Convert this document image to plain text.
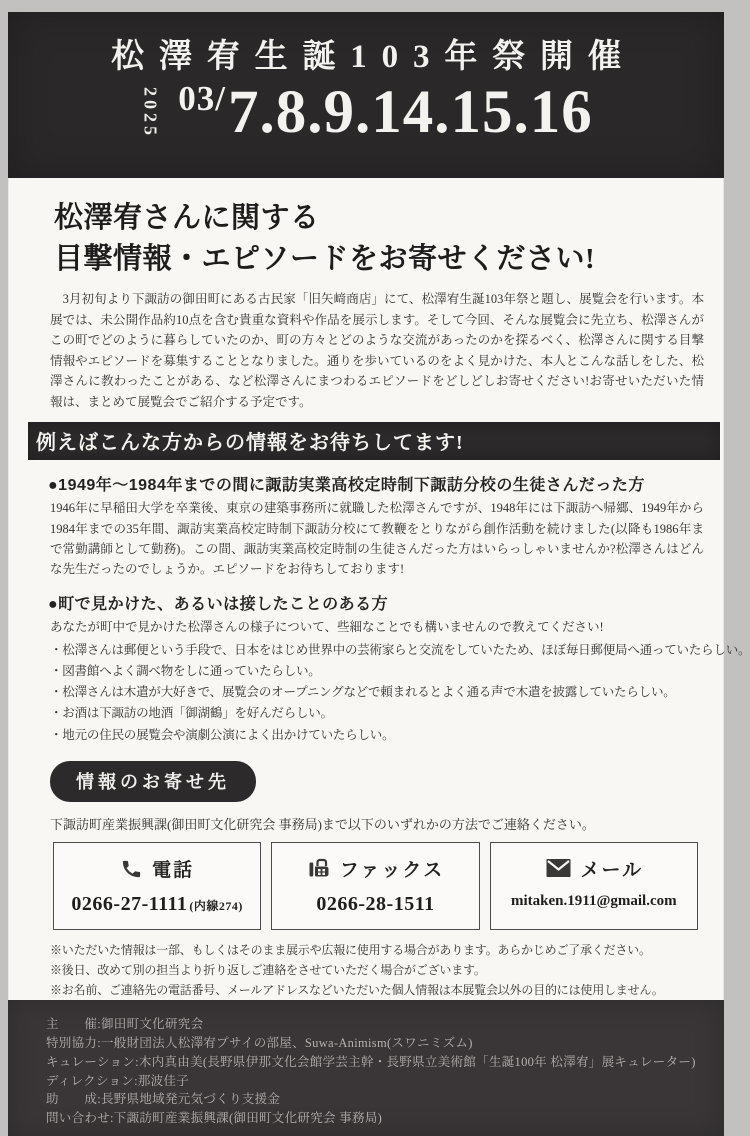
松澤宥生誕103年祭開催
2025 03/ 7.8.9.14.15.16
松澤宥さんに関する
目撃情報・エピソードをお寄せください!

　3月初旬より下諏訪の御田町にある古民家「旧矢﨑商店」にて、松澤宥生誕103年祭と題し、展覧会を行います。本展では、未公開作品約10点を含む貴重な資料や作品を展示します。そして今回、そんな展覧会に先立ち、松澤さんがこの町でどのように暮らしていたのか、町の方々とどのような交流があったのかを探るべく、松澤さんに関する目撃情報やエピソードを募集することとなりました。通りを歩いているのをよく見かけた、本人とこんな話しをした、松澤さんに教わったことがある、など松澤さんにまつわるエピソードをどしどしお寄せください!お寄せいただいた情報は、まとめて展覧会でご紹介する予定です。

例えばこんな方からの情報をお待ちしてます!
●1949年〜1984年までの間に諏訪実業高校定時制下諏訪分校の生徒さんだった方

1946年に早稲田大学を卒業後、東京の建築事務所に就職した松澤さんですが、1948年には下諏訪へ帰郷、1949年から1984年までの35年間、諏訪実業高校定時制下諏訪分校にて教鞭をとりながら創作活動を続けました(以降も1986年まで常勤講師として勤務)。この間、諏訪実業高校定時制の生徒さんだった方はいらっしゃいませんか?松澤さんはどんな先生だったのでしょうか。エピソードをお待ちしております!

●町で見かけた、あるいは接したことのある方

あなたが町中で見かけた松澤さんの様子について、些細なことでも構いませんので教えてください!

・松澤さんは郵便という手段で、日本をはじめ世界中の芸術家らと交流をしていたため、ほぼ毎日郵便局へ通っていたらしい。
・図書館へよく調べ物をしに通っていたらしい。
・松澤さんは木遣が大好きで、展覧会のオープニングなどで頼まれるとよく通る声で木遣を披露していたらしい。
・お酒は下諏訪の地酒「御湖鶴」を好んだらしい。
・地元の住民の展覧会や演劇公演によく出かけていたらしい。
情報のお寄せ先
下諏訪町産業振興課(御田町文化研究会 事務局)まで以下のいずれかの方法でご連絡ください。
電話
0266-27-1111 (内線274)
ファックス
0266-28-1511
メール
mitaken.1911@gmail.com
※いただいた情報は一部、もしくはそのまま展示や広報に使用する場合があります。あらかじめご了承ください。
※後日、改めて別の担当より折り返しご連絡をさせていただく場合がございます。
※お名前、ご連絡先の電話番号、メールアドレスなどいただいた個人情報は本展覧会以外の目的には使用しません。
主　　催:御田町文化研究会
特別協力:一般財団法人松澤宥プサイの部屋、Suwa-Animism(スワニミズム)
キュレーション:木内真由美(長野県伊那文化会館学芸主幹・長野県立美術館「生誕100年 松澤宥」展キュレーター)
ディレクション:那波佳子
助　　成:長野県地域発元気づくり支援金
問い合わせ:下諏訪町産業振興課(御田町文化研究会 事務局)
